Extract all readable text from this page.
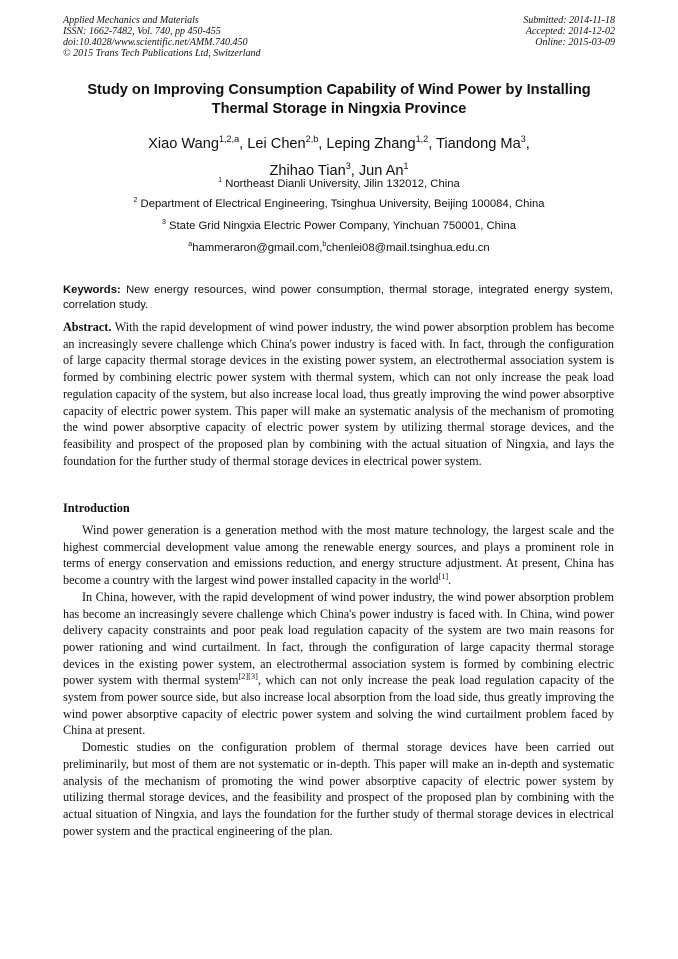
Applied Mechanics and Materials
ISSN: 1662-7482, Vol. 740, pp 450-455
doi:10.4028/www.scientific.net/AMM.740.450
© 2015 Trans Tech Publications Ltd, Switzerland
Submitted: 2014-11-18
Accepted: 2014-12-02
Online: 2015-03-09
Study on Improving Consumption Capability of Wind Power by Installing
Thermal Storage in Ningxia Province
Xiao Wang$^{1,2,a}$, Lei Chen$^{2,b}$, Leping Zhang$^{1,2}$, Tiandong Ma$^3$,
Zhihao Tian$^3$, Jun An$^1$
$^1$ Northeast Dianli University, Jilin 132012, China
$^2$ Department of Electrical Engineering, Tsinghua University, Beijing 100084, China
$^3$ State Grid Ningxia Electric Power Company, Yinchuan 750001, China
$^a$hammeraron@gmail.com,$^b$chenlei08@mail.tsinghua.edu.cn
Keywords: New energy resources, wind power consumption, thermal storage, integrated energy system, correlation study.
Abstract. With the rapid development of wind power industry, the wind power absorption problem has become an increasingly severe challenge which China's power industry is faced with. In fact, through the configuration of large capacity thermal storage devices in the existing power system, an electrothermal association system is formed by combining electric power system with thermal system, which can not only increase the peak load regulation capacity of the system, but also increase local load, thus greatly improving the wind power absorptive capacity of electric power system. This paper will make an systematic analysis of the mechanism of promoting the wind power absorptive capacity of electric power system by utilizing thermal storage devices, and the feasibility and prospect of the proposed plan by combining with the actual situation of Ningxia, and lays the foundation for the further study of thermal storage devices in electrical power system.
Introduction

Wind power generation is a generation method with the most mature technology, the largest scale and the highest commercial development value among the renewable energy sources, and plays a prominent role in terms of energy conservation and emissions reduction, and energy structure adjustment. At present, China has become a country with the largest wind power installed capacity in the world[1].

In China, however, with the rapid development of wind power industry, the wind power absorption problem has become an increasingly severe challenge which China's power industry is faced with. In China, wind power delivery capacity constraints and poor peak load regulation capacity of the system are two main reasons for power rationing and wind curtailment. In fact, through the configuration of large capacity thermal storage devices in the existing power system, an electrothermal association system is formed by combining electric power system with thermal system[2][3], which can not only increase the peak load regulation capacity of the system from power source side, but also increase local absorption from the load side, thus greatly improving the wind power absorptive capacity of electric power system and solving the wind curtailment problem faced by China at present.

Domestic studies on the configuration problem of thermal storage devices have been carried out preliminarily, but most of them are not systematic or in-depth. This paper will make an in-depth and systematic analysis of the mechanism of promoting the wind power absorptive capacity of electric power system by utilizing thermal storage devices, and the feasibility and prospect of the proposed plan by combining with the actual situation of Ningxia, and lays the foundation for the further study of thermal storage devices in electrical power system and the practical engineering of the plan.
